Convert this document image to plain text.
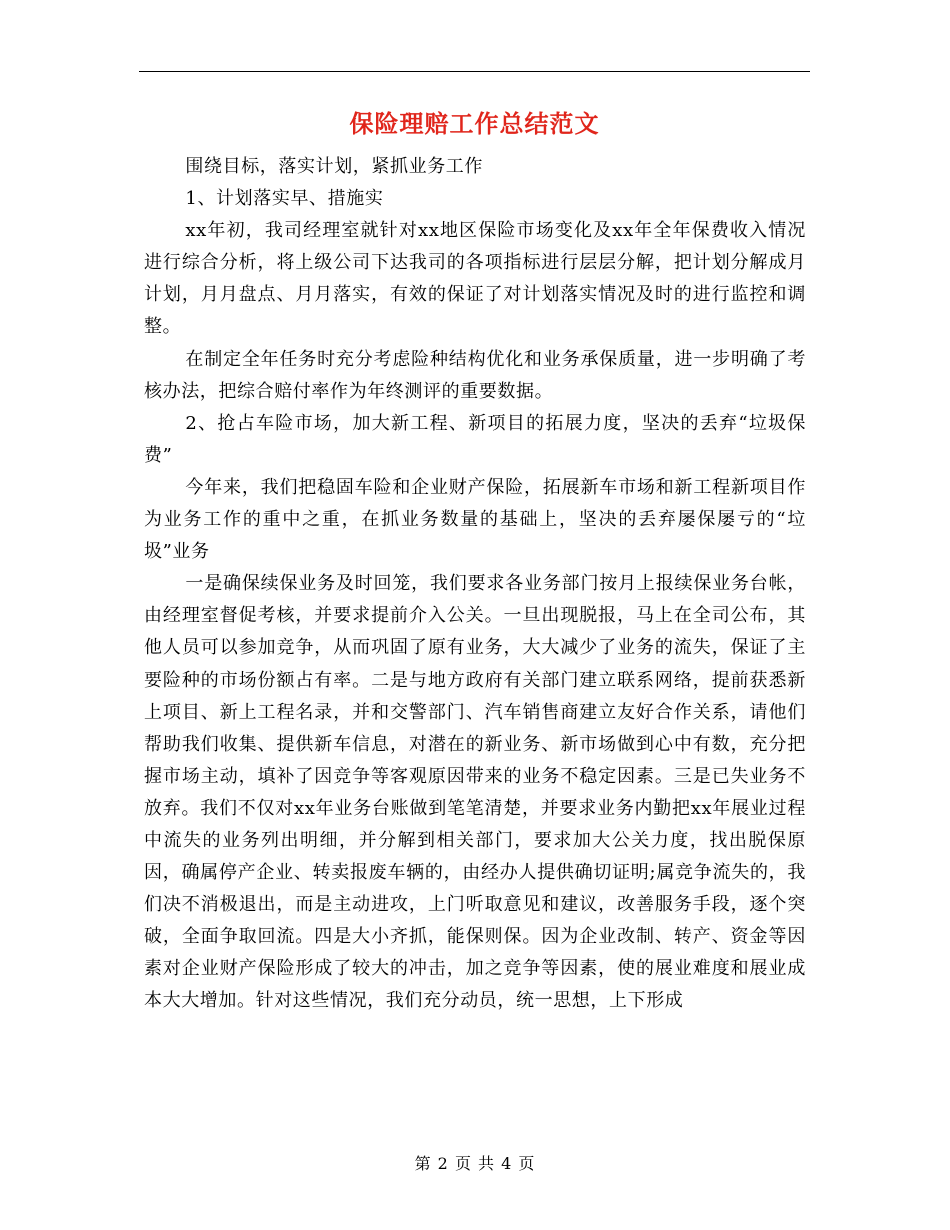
保险理赔工作总结范文

围绕目标，落实计划，紧抓业务工作

1、计划落实早、措施实

xx年初，我司经理室就针对xx地区保险市场变化及xx年全年保费收入情况进行综合分析，将上级公司下达我司的各项指标进行层层分解，把计划分解成月计划，月月盘点、月月落实，有效的保证了对计划落实情况及时的进行监控和调整。

在制定全年任务时充分考虑险种结构优化和业务承保质量，进一步明确了考核办法，把综合赔付率作为年终测评的重要数据。

2、抢占车险市场，加大新工程、新项目的拓展力度，坚决的丢弃“垃圾保费”

今年来，我们把稳固车险和企业财产保险，拓展新车市场和新工程新项目作为业务工作的重中之重，在抓业务数量的基础上，坚决的丢弃屡保屡亏的“垃圾”业务

一是确保续保业务及时回笼，我们要求各业务部门按月上报续保业务台帐，由经理室督促考核，并要求提前介入公关。一旦出现脱报，马上在全司公布，其他人员可以参加竞争，从而巩固了原有业务，大大减少了业务的流失，保证了主要险种的市场份额占有率。二是与地方政府有关部门建立联系网络，提前获悉新上项目、新上工程名录，并和交警部门、汽车销售商建立友好合作关系，请他们帮助我们收集、提供新车信息，对潜在的新业务、新市场做到心中有数，充分把握市场主动，填补了因竞争等客观原因带来的业务不稳定因素。三是已失业务不放弃。我们不仅对xx年业务台账做到笔笔清楚，并要求业务内勤把xx年展业过程中流失的业务列出明细，并分解到相关部门，要求加大公关力度，找出脱保原因，确属停产企业、转卖报废车辆的，由经办人提供确切证明;属竞争流失的，我们决不消极退出，而是主动进攻，上门听取意见和建议，改善服务手段，逐个突破，全面争取回流。四是大小齐抓，能保则保。因为企业改制、转产、资金等因素对企业财产保险形成了较大的冲击，加之竞争等因素，使的展业难度和展业成本大大增加。针对这些情况，我们充分动员，统一思想，上下形成

第 2 页 共 4 页
